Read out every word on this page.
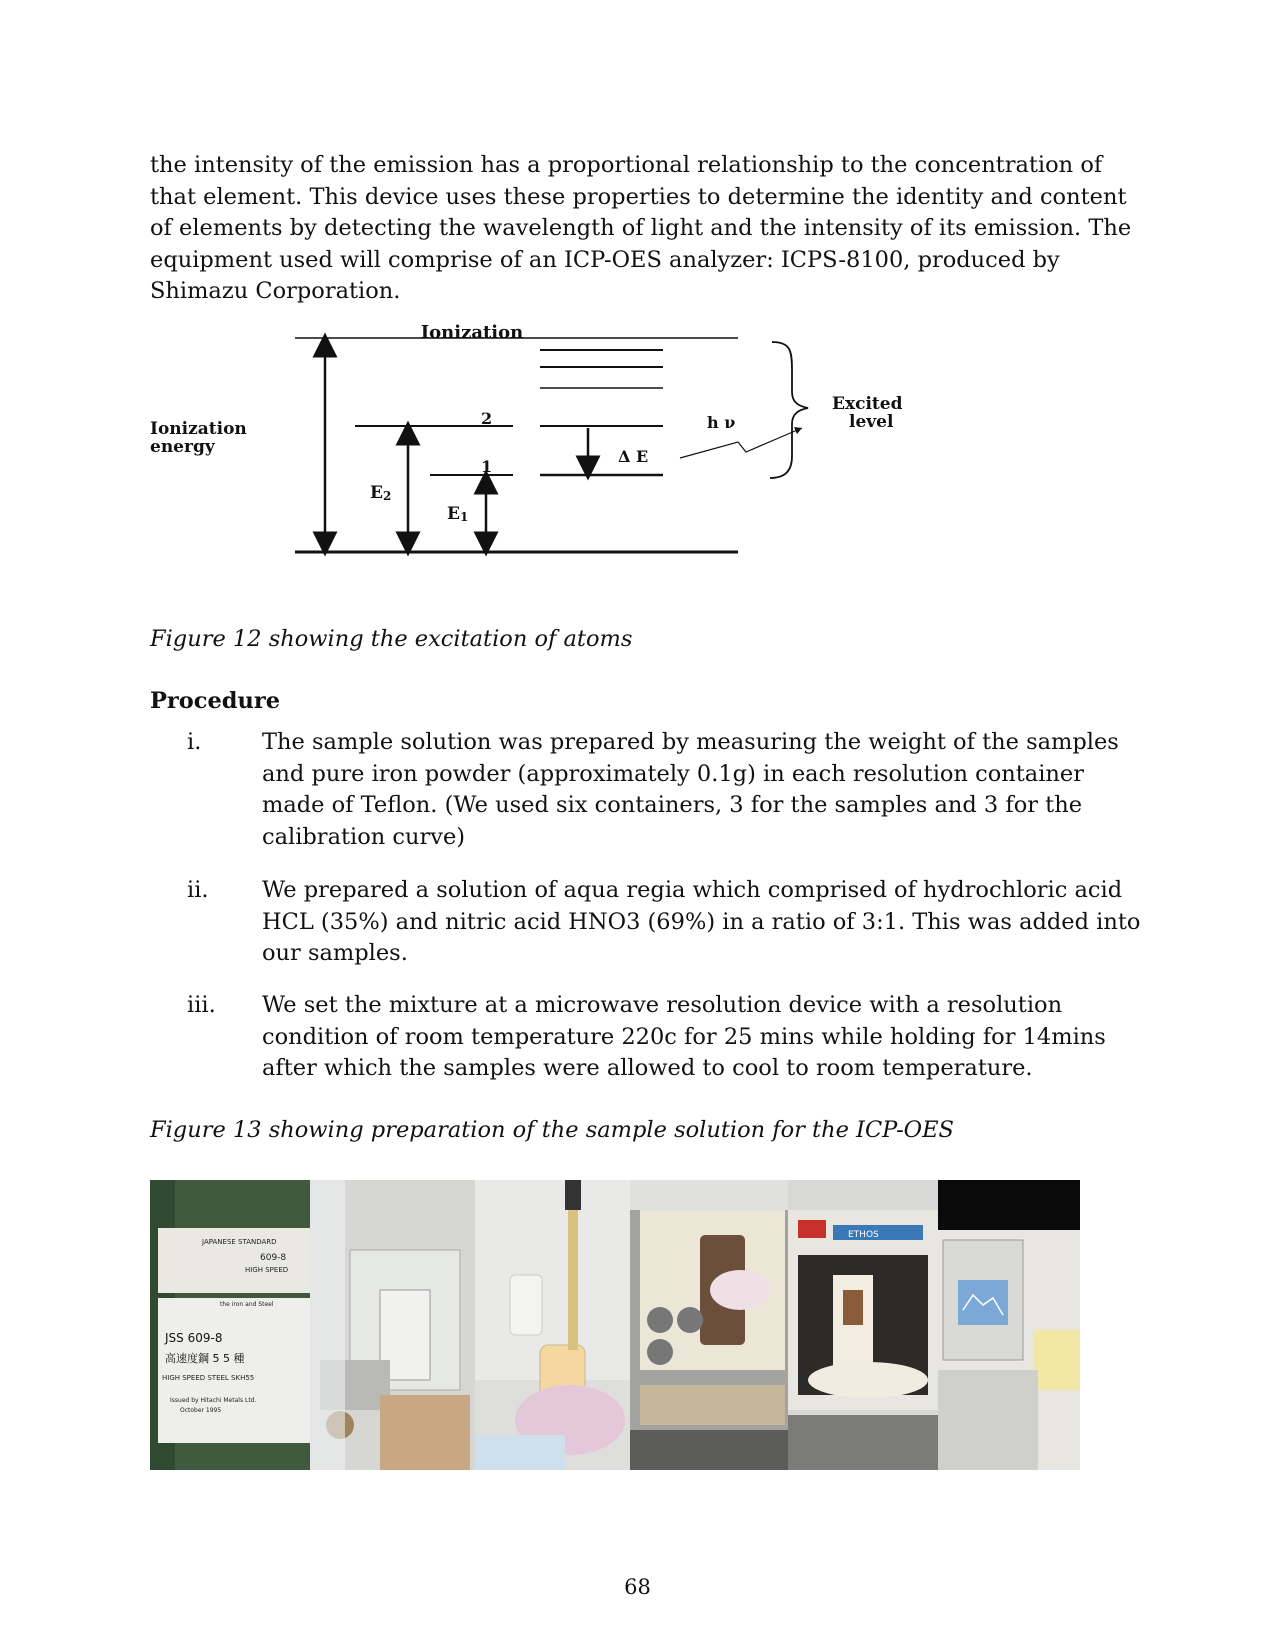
the intensity of the emission has a proportional relationship to the concentration of that element. This device uses these properties to determine the identity and content of elements by detecting the wavelength of light and the intensity of its emission. The equipment used will comprise of an ICP-OES analyzer: ICPS-8100, produced by Shimazu Corporation.

Ionization
Ionization
energy
2
1
E2
E1
Δ E
h ν
Excited
level

Figure 12 showing the excitation of atoms

Procedure

i.	The sample solution was prepared by measuring the weight of the samples and pure iron powder (approximately 0.1g) in each resolution container made of Teflon. (We used six containers, 3 for the samples and 3 for the calibration curve)
ii. We prepared a solution of aqua regia which comprised of hydrochloric acid HCL (35%) and nitric acid HNO3 (69%) in a ratio of 3:1. This was added into our samples.
iii. We set the mixture at a microwave resolution device with a resolution condition of room temperature 220c for 25 mins while holding for 14mins after which the samples were allowed to cool to room temperature.

Figure 13 showing preparation of the sample solution for the ICP-OES

JAPANESE STANDARD
609-8
HIGH SPEED
the iron and Steel
JSS 609-8
高速度鋼 5 5 種
HIGH SPEED STEEL SKH55
Issued by Hitachi Metals Ltd.
October 1995
ETHOS
68
